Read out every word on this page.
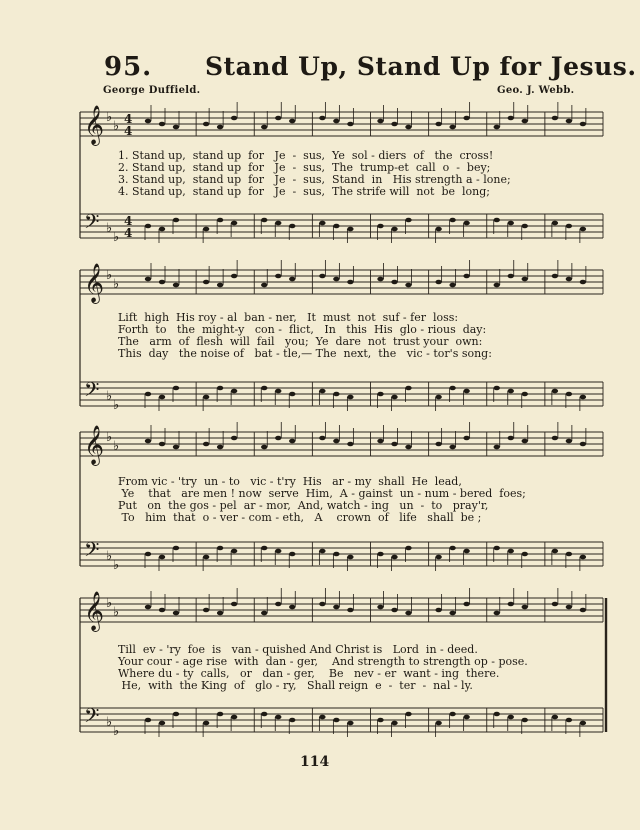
95. Stand Up, Stand Up for Jesus.
George Duffield.	Geo. J. Webb.
𝄞 ♭
♭ 4
4
𝄢 ♭
♭
4
4
𝄞 ♭
♭
𝄢 ♭
♭
𝄞 ♭
♭
𝄢 ♭
♭
𝄞 ♭
♭
𝄢 ♭
♭
1. Stand up,  stand up  for   Je  -  sus,  Ye  sol - diers  of   the  cross!
2. Stand up,  stand up  for   Je  -  sus,  The  trump-et  call  o  -  bey;
3. Stand up,  stand up  for   Je  -  sus,  Stand  in   His strength a - lone;
4. Stand up,  stand up  for   Je  -  sus,  The strife will  not  be  long;
Lift  high  His roy - al  ban - ner,   It  must  not  suf - fer  loss:
Forth  to   the  might-y   con -  flict,   In   this  His  glo - rious  day:
The   arm  of  flesh  will  fail   you;  Ye  dare  not  trust your  own:
This  day   the noise of   bat - tle,— The  next,  the   vic - tor's song:
From vic - 'try  un - to   vic - t'ry  His   ar - my  shall  He  lead,
Ye    that   are men ! now  serve  Him,  A - gainst  un - num - bered  foes;
Put   on  the gos - pel  ar - mor,  And, watch - ing   un  -  to   pray'r,
To   him  that  o - ver - com - eth,   A    crown  of   life   shall  be ;
Till  ev - 'ry  foe  is   van - quished And Christ is   Lord  in - deed.
Your cour - age rise  with  dan - ger,    And strength to strength op - pose.
Where du - ty  calls,   or   dan - ger,    Be   nev - er  want - ing  there.
He,  with  the King  of   glo - ry,   Shall reign  e  -  ter  -  nal - ly.
114
